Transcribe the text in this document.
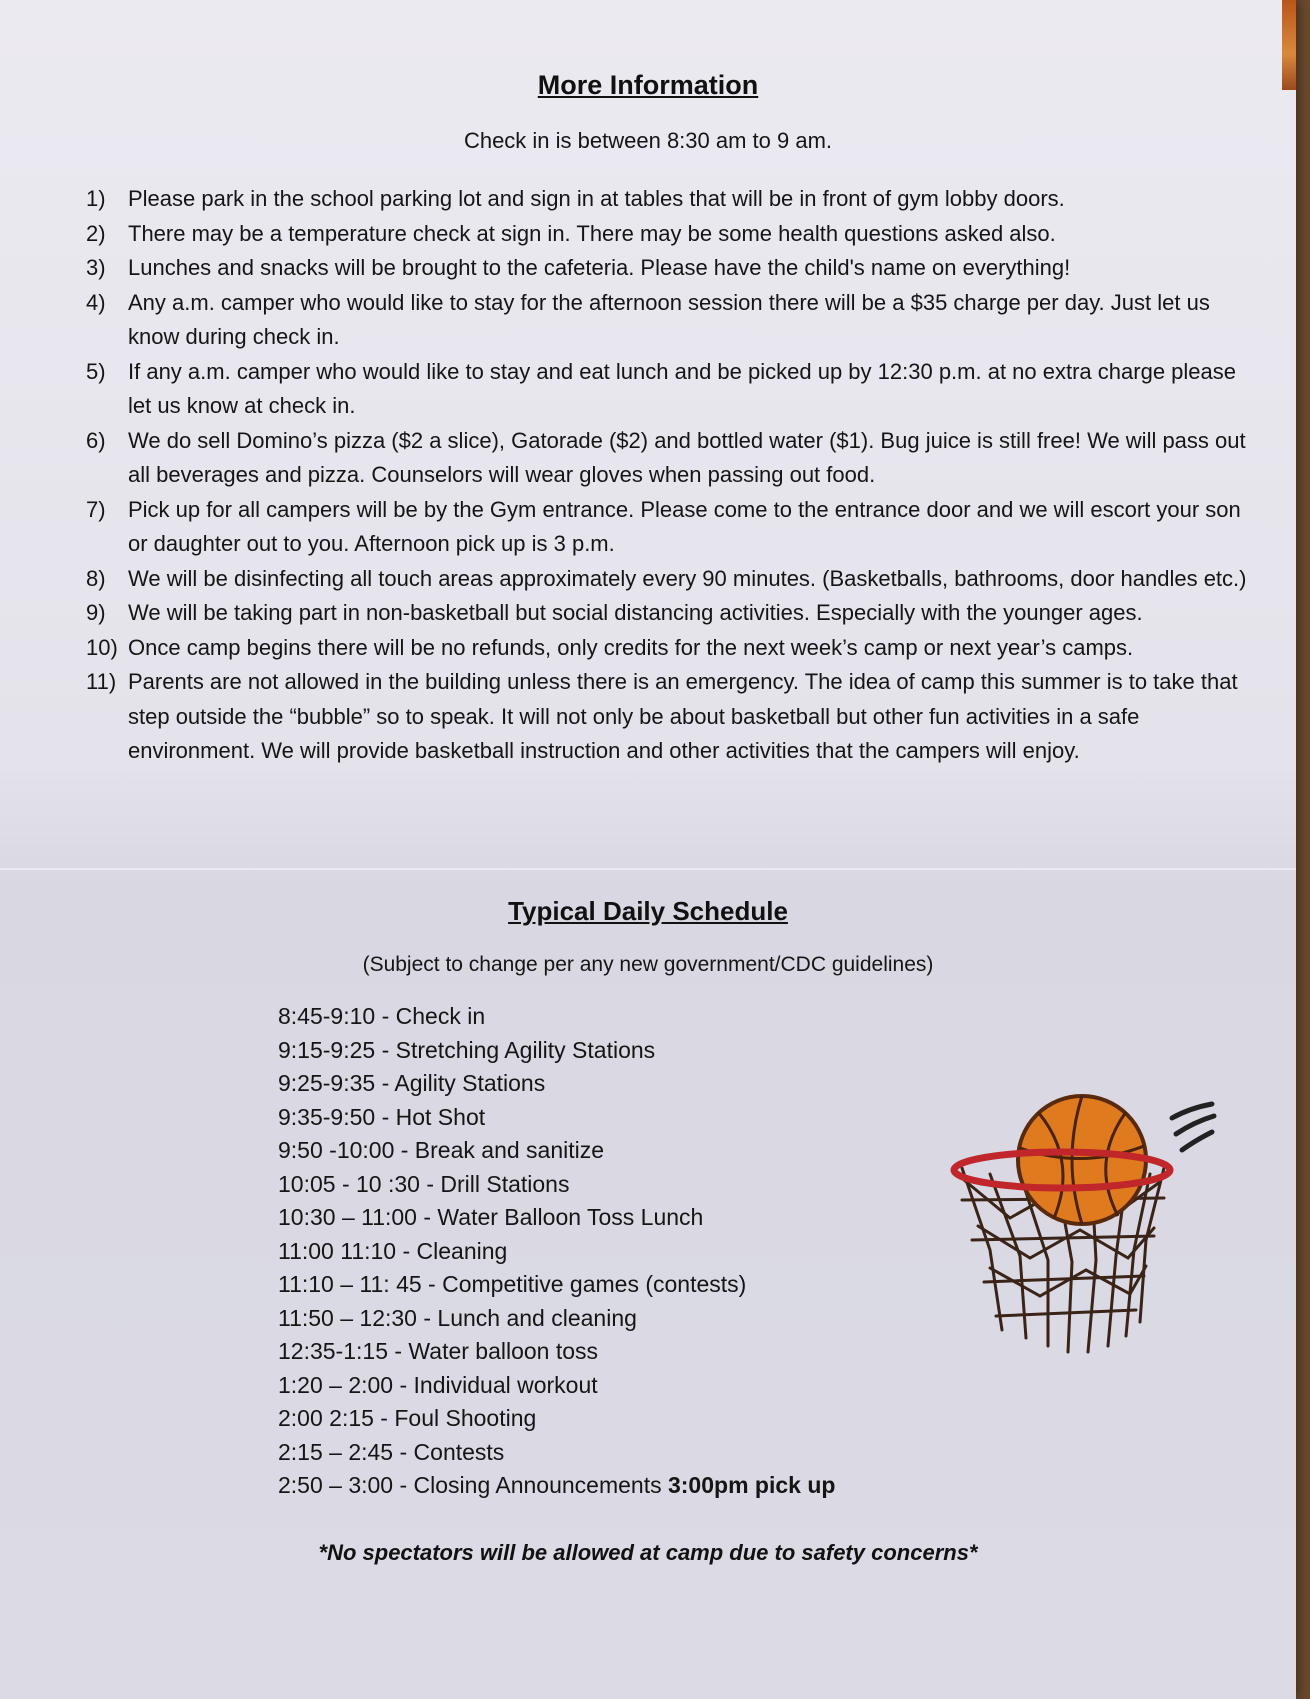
More Information
Check in is between 8:30 am to 9 am.
1)	Please park in the school parking lot and sign in at tables that will be in front of gym lobby doors.
2)	There may be a temperature check at sign in. There may be some health questions asked also.
3)	Lunches and snacks will be brought to the cafeteria. Please have the child's name on everything!
4)	Any a.m. camper who would like to stay for the afternoon session there will be a $35 charge per day. Just let us know during check in.
5)	If any a.m. camper who would like to stay and eat lunch and be picked up by 12:30 p.m. at no extra charge please let us know at check in.
6)	We do sell Domino’s pizza ($2 a slice), Gatorade ($2) and bottled water ($1). Bug juice is still free! We will pass out all beverages and pizza. Counselors will wear gloves when passing out food.
7)	Pick up for all campers will be by the Gym entrance. Please come to the entrance door and we will escort your son or daughter out to you. Afternoon pick up is 3 p.m.
8)	We will be disinfecting all touch areas approximately every 90 minutes. (Basketballs, bathrooms, door handles etc.)
9)	We will be taking part in non-basketball but social distancing activities. Especially with the younger ages.
10) Once camp begins there will be no refunds, only credits for the next week’s camp or next year’s camps.
11) Parents are not allowed in the building unless there is an emergency. The idea of camp this summer is to take that step outside the “bubble” so to speak. It will not only be about basketball but other fun activities in a safe environment. We will provide basketball instruction and other activities that the campers will enjoy.
Typical Daily Schedule
(Subject to change per any new government/CDC guidelines)
8:45-9:10 - Check in
9:15-9:25 - Stretching Agility Stations
9:25-9:35 - Agility Stations
9:35-9:50 - Hot Shot
9:50 -10:00 - Break and sanitize
10:05 - 10 :30 - Drill Stations
10:30 – 11:00 - Water Balloon Toss Lunch
11:00 11:10 - Cleaning
11:10 – 11: 45 - Competitive games (contests)
11:50 – 12:30 - Lunch and cleaning
12:35-1:15 - Water balloon toss
1:20 – 2:00 - Individual workout
2:00 2:15 - Foul Shooting
2:15 – 2:45 - Contests
2:50 – 3:00 - Closing Announcements 3:00pm pick up
*No spectators will be allowed at camp due to safety concerns*
